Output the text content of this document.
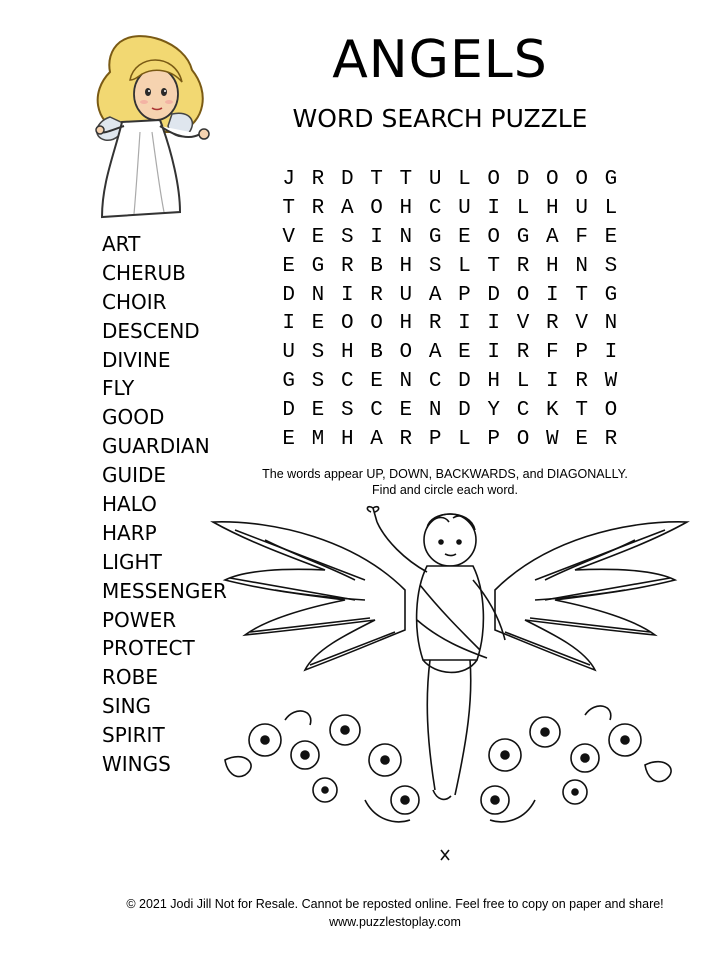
ANGELS
WORD SEARCH PUZZLE
ART
CHERUB
CHOIR
DESCEND
DIVINE
FLY
GOOD
GUARDIAN
GUIDE
HALO
HARP
LIGHT
MESSENGER
POWER
PROTECT
ROBE
SING
SPIRIT
WINGS
J R D T T U L O D O O G
T R A O H C U I L H U L
V E S I N G E O G A F E
E G R B H S L T R H N S
D N I R U A P D O I T G
I E O O H R I I V R V N
U S H B O A E I R F P I
G S C E N C D H L I R W
D E S C E N D Y C K T O
E M H A R P L P O W E R
The words appear UP, DOWN, BACKWARDS, and DIAGONALLY.
Find and circle each word.
© 2021 Jodi Jill Not for Resale. Cannot be reposted online. Feel free to copy on paper and share!
www.puzzlestoplay.com
